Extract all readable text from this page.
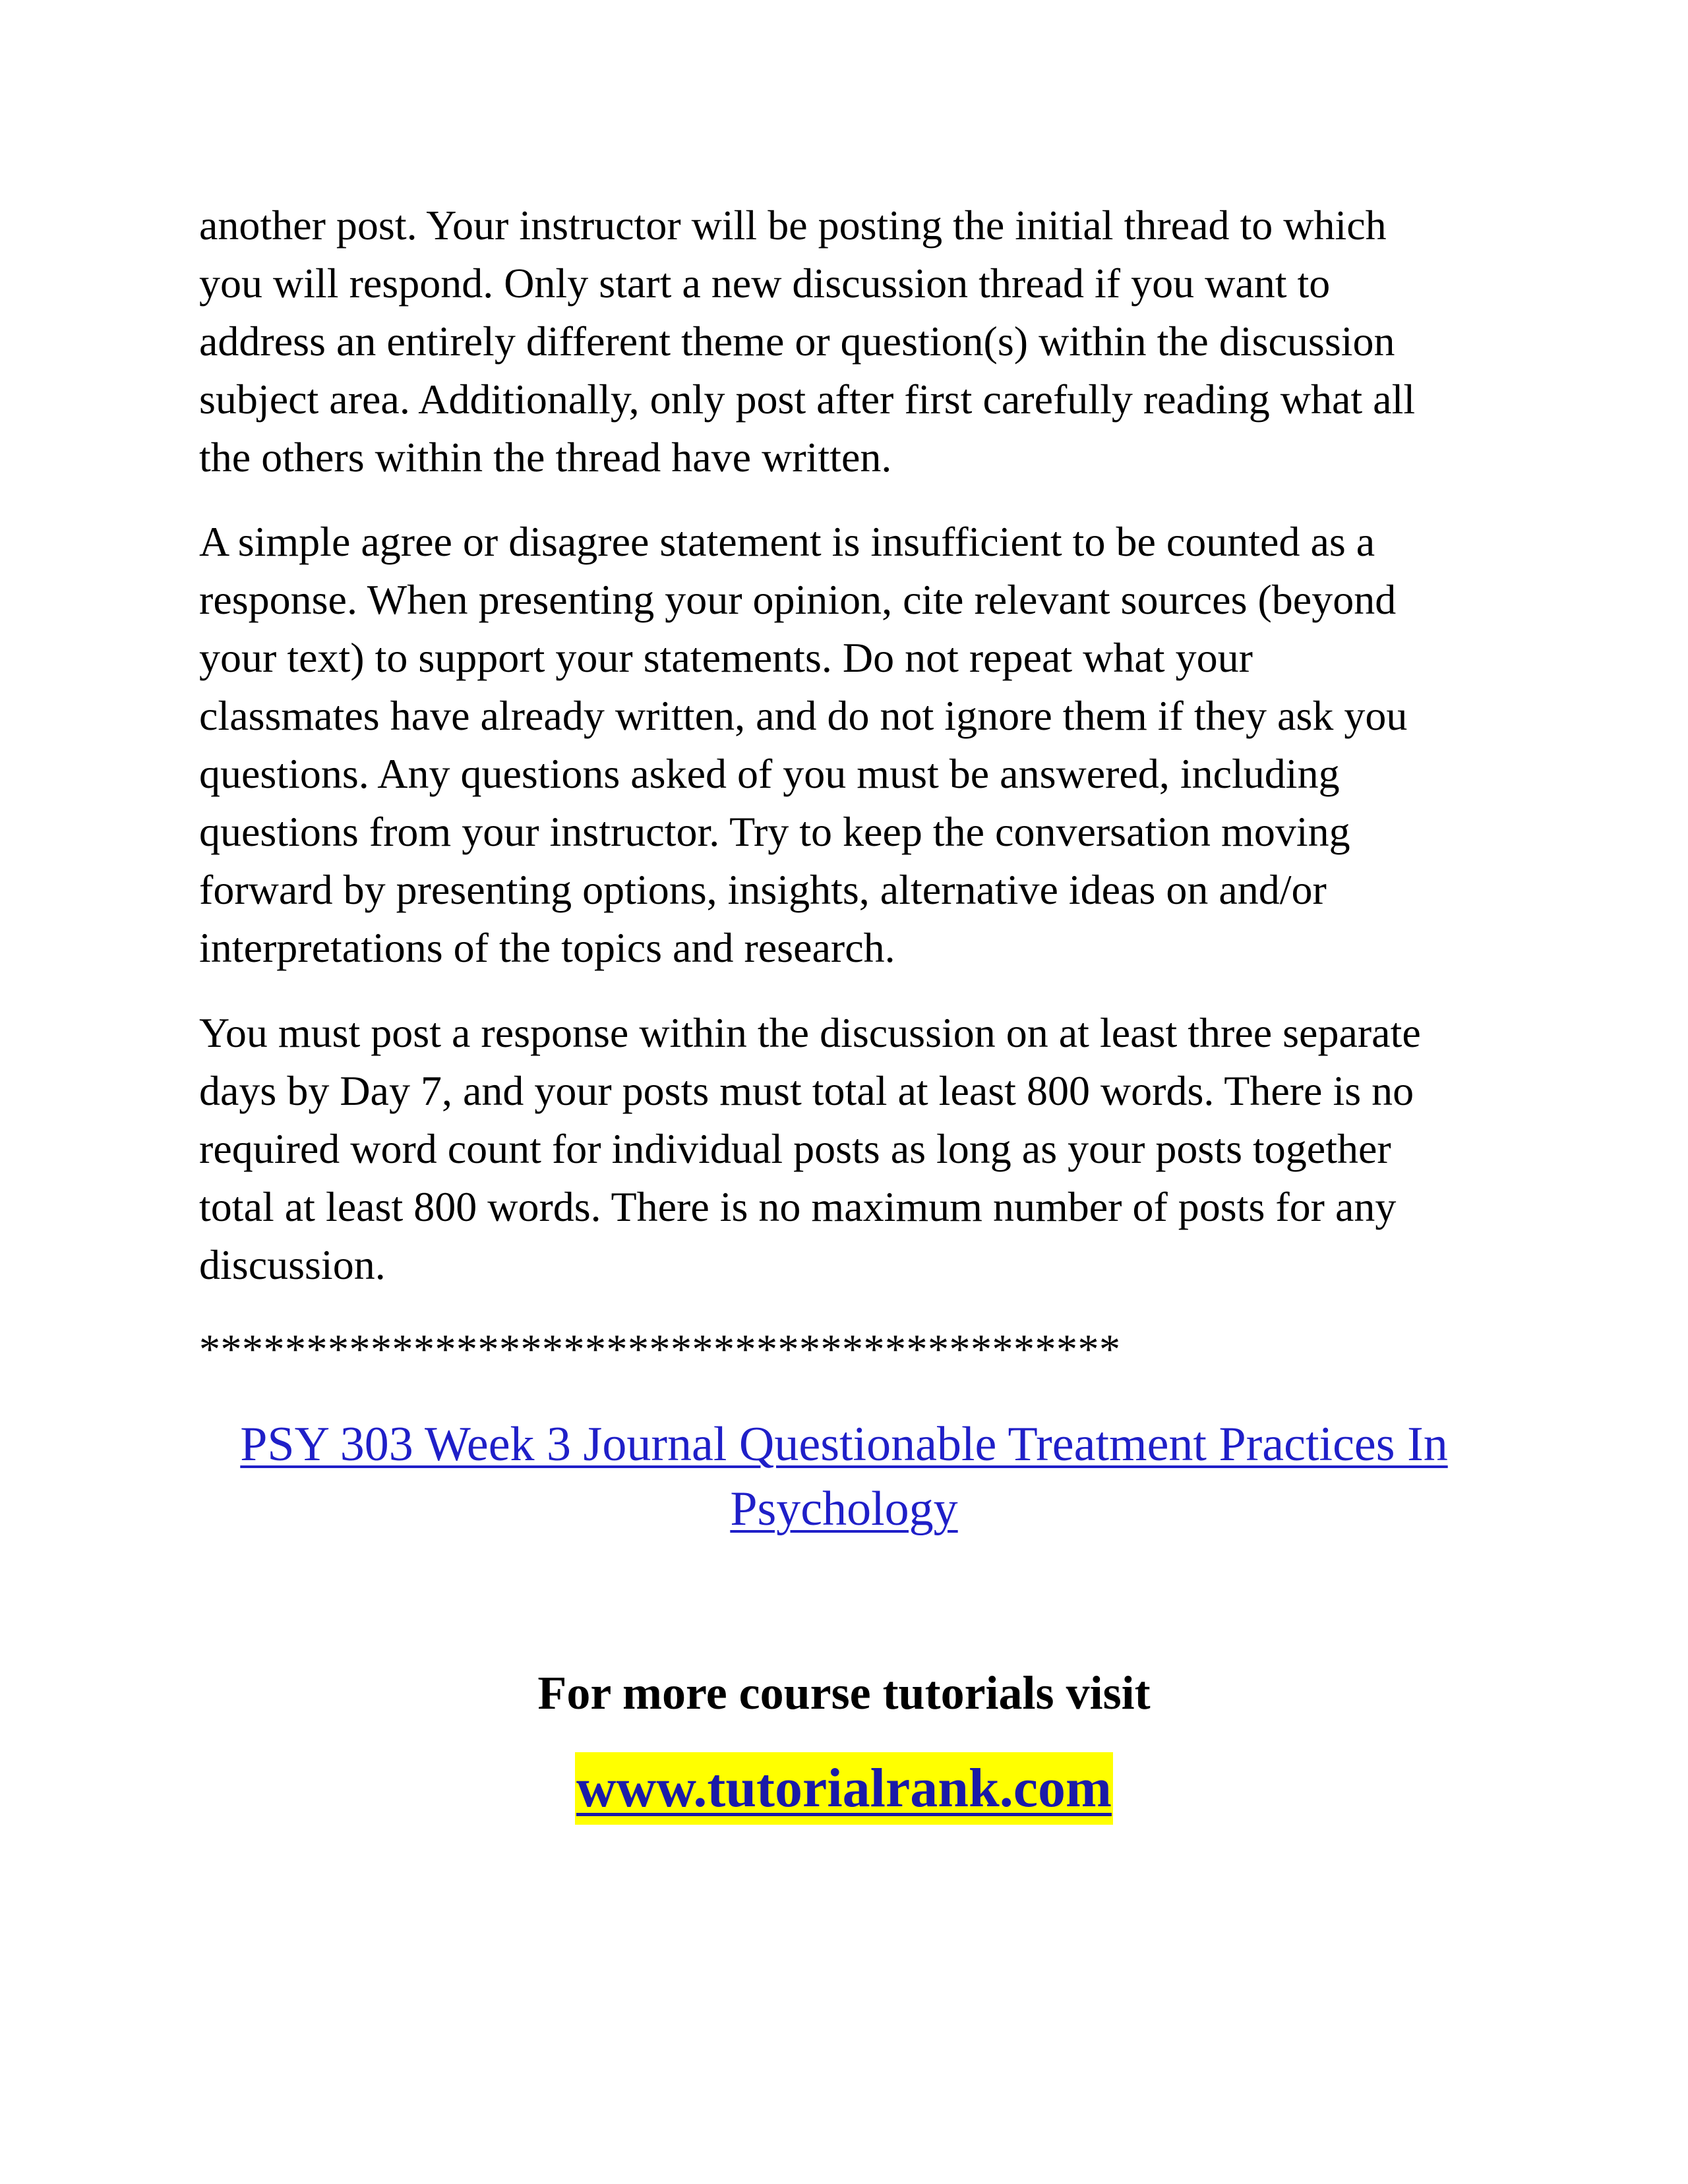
another post. Your instructor will be posting the initial thread to which
you will respond. Only start a new discussion thread if you want to
address an entirely different theme or question(s) within the discussion
subject area. Additionally, only post after first carefully reading what all
the others within the thread have written.

A simple agree or disagree statement is insufficient to be counted as a
response. When presenting your opinion, cite relevant sources (beyond
your text) to support your statements. Do not repeat what your
classmates have already written, and do not ignore them if they ask you
questions. Any questions asked of you must be answered, including
questions from your instructor. Try to keep the conversation moving
forward by presenting options, insights, alternative ideas on and/or
interpretations of the topics and research.

You must post a response within the discussion on at least three separate
days by Day 7, and your posts must total at least 800 words. There is no
required word count for individual posts as long as your posts together
total at least 800 words. There is no maximum number of posts for any
discussion.

*******************************************
PSY 303 Week 3 Journal Questionable Treatment Practices In
Psychology
For more course tutorials visit
www.tutorialrank.com
